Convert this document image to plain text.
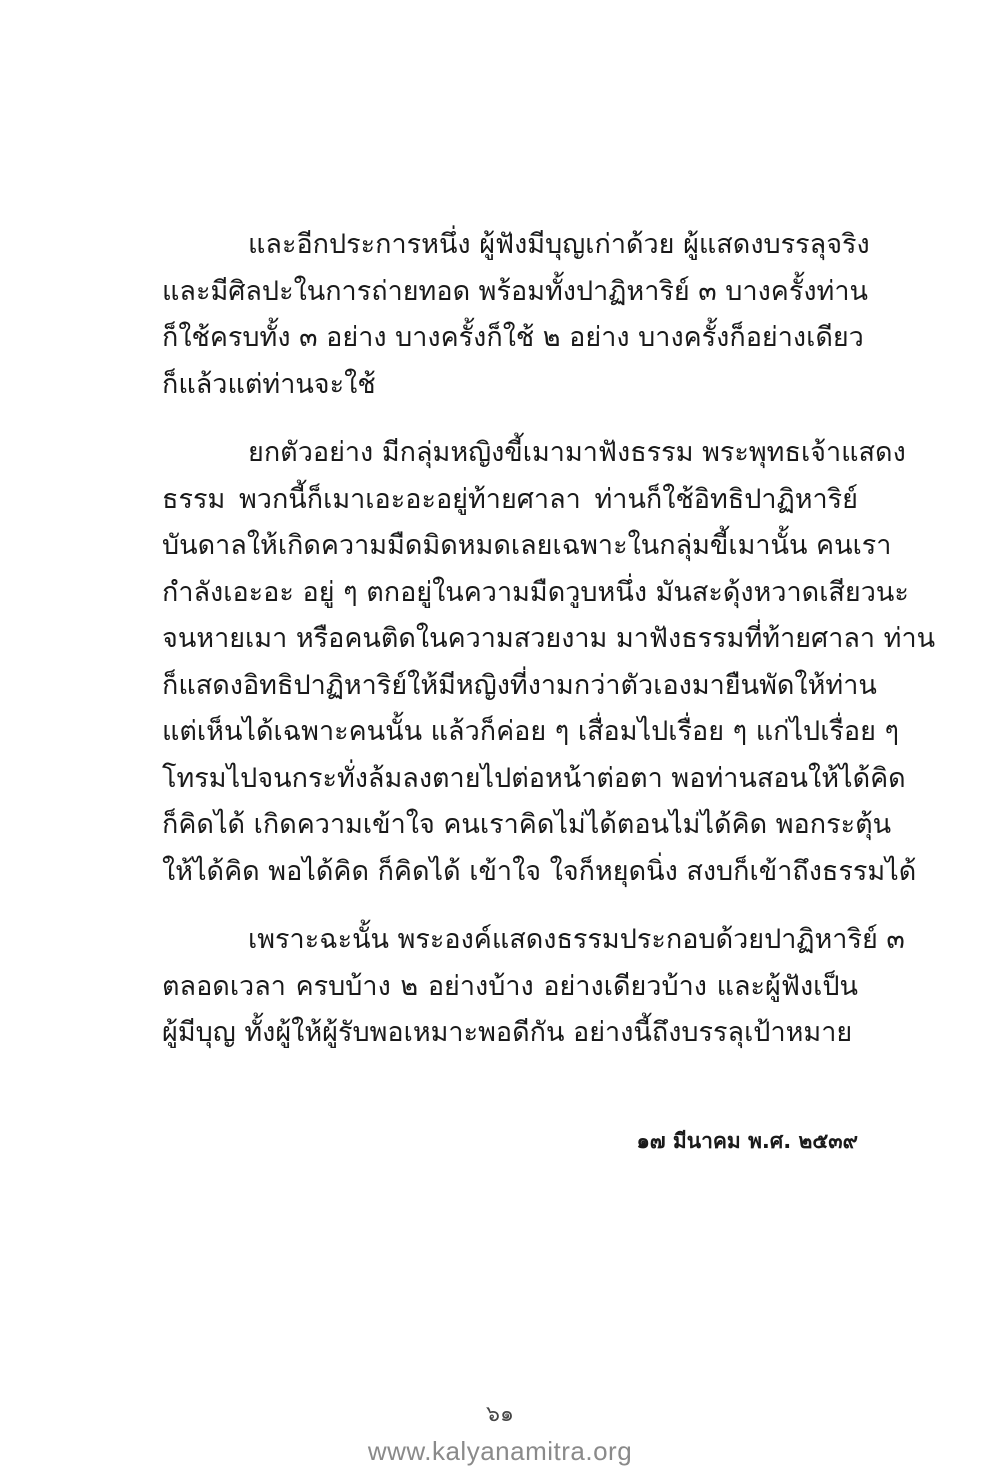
และอีกประการหนึ่ง ผู้ฟังมีบุญเก่าด้วย ผู้แสดงบรรลุจริง
และมีศิลปะในการถ่ายทอด พร้อมทั้งปาฏิหาริย์ ๓ บางครั้งท่าน
ก็ใช้ครบทั้ง ๓ อย่าง บางครั้งก็ใช้ ๒ อย่าง บางครั้งก็อย่างเดียว
ก็แล้วแต่ท่านจะใช้

ยกตัวอย่าง มีกลุ่มหญิงขี้เมามาฟังธรรม พระพุทธเจ้าแสดง
ธรรม พวกนี้ก็เมาเอะอะอยู่ท้ายศาลา ท่านก็ใช้อิทธิปาฏิหาริย์
บันดาลให้เกิดความมืดมิดหมดเลยเฉพาะในกลุ่มขี้เมานั้น คนเรา
กำลังเอะอะ อยู่ ๆ ตกอยู่ในความมืดวูบหนึ่ง มันสะดุ้งหวาดเสียวนะ
จนหายเมา หรือคนติดในความสวยงาม มาฟังธรรมที่ท้ายศาลา ท่าน
ก็แสดงอิทธิปาฏิหาริย์ให้มีหญิงที่งามกว่าตัวเองมายืนพัดให้ท่าน
แต่เห็นได้เฉพาะคนนั้น แล้วก็ค่อย ๆ เสื่อมไปเรื่อย ๆ แก่ไปเรื่อย ๆ
โทรมไปจนกระทั่งล้มลงตายไปต่อหน้าต่อตา พอท่านสอนให้ได้คิด
ก็คิดได้ เกิดความเข้าใจ คนเราคิดไม่ได้ตอนไม่ได้คิด พอกระตุ้น
ให้ได้คิด พอได้คิด ก็คิดได้ เข้าใจ ใจก็หยุดนิ่ง สงบก็เข้าถึงธรรมได้

เพราะฉะนั้น พระองค์แสดงธรรมประกอบด้วยปาฏิหาริย์ ๓
ตลอดเวลา ครบบ้าง ๒ อย่างบ้าง อย่างเดียวบ้าง และผู้ฟังเป็น
ผู้มีบุญ ทั้งผู้ให้ผู้รับพอเหมาะพอดีกัน อย่างนี้ถึงบรรลุเป้าหมาย

๑๗ มีนาคม พ.ศ. ๒๕๓๙
๖๑
www.kalyanamitra.org
